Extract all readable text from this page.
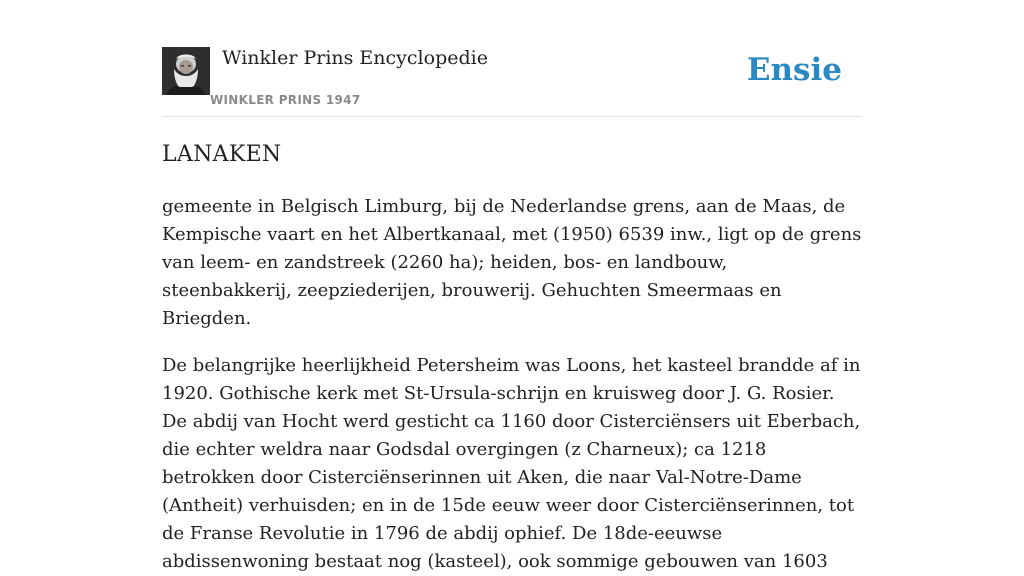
Winkler Prins Encyclopedie
WINKLER PRINS 1947
Ensie
LANAKEN

gemeente in Belgisch Limburg, bij de Nederlandse grens, aan de Maas, de Kempische vaart en het Albertkanaal, met (1950) 6539 inw., ligt op de grens van leem- en zandstreek (2260 ha); heiden, bos- en landbouw, steenbakkerij, zeepziederijen, brouwerij. Gehuchten Smeermaas en Briegden.

De belangrijke heerlijkheid Petersheim was Loons, het kasteel brandde af in 1920. Gothische kerk met St-Ursula-schrijn en kruisweg door J. G. Rosier. De abdij van Hocht werd gesticht ca 1160 door Cisterciënsers uit Eberbach, die echter weldra naar Godsdal overgingen (z Charneux); ca 1218 betrokken door Cisterciënserinnen uit Aken, die naar Val-Notre-Dame (Antheit) verhuisden; en in de 15de eeuw weer door Cisterciënserinnen, tot de Franse Revolutie in 1796 de abdij ophief. De 18de-eeuwse abdissenwoning bestaat nog (kasteel), ook sommige gebouwen van 1603
